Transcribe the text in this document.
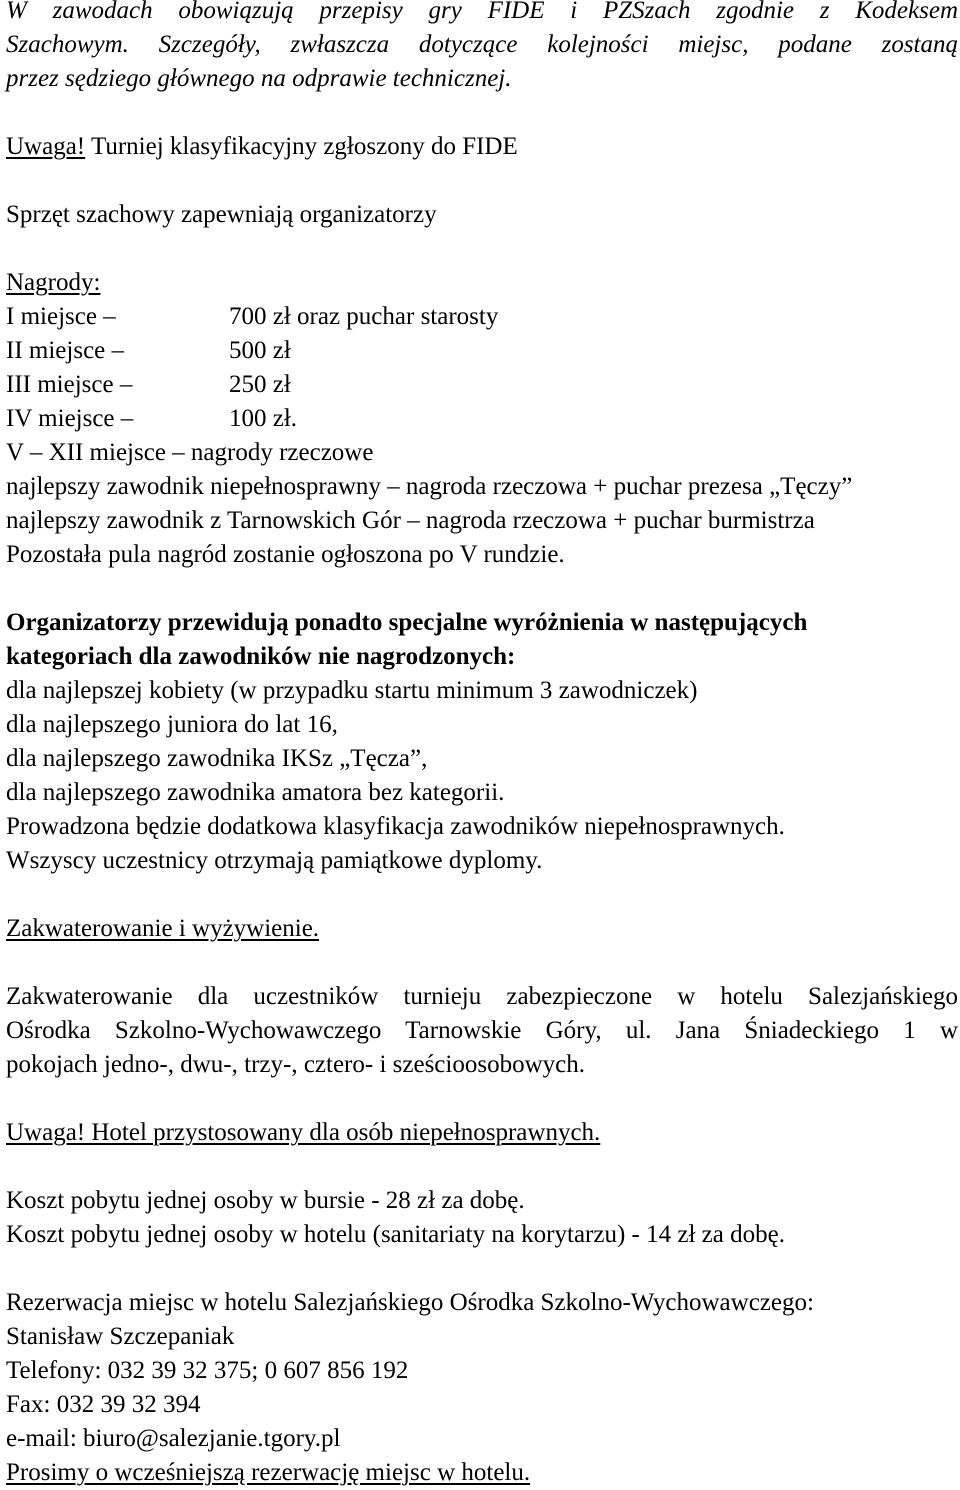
W zawodach obowiązują przepisy gry FIDE i PZSzach zgodnie z Kodeksem
Szachowym. Szczegóły, zwłaszcza dotyczące kolejności miejsc, podane zostaną
przez sędziego głównego na odprawie technicznej.
Uwaga! Turniej klasyfikacyjny zgłoszony do FIDE
Sprzęt szachowy zapewniają organizatorzy
Nagrody:
I miejsce –	700 zł oraz puchar starosty
II miejsce –	500 zł
III miejsce –	250 zł
IV miejsce –	100 zł.
V – XII miejsce – nagrody rzeczowe
najlepszy zawodnik niepełnosprawny – nagroda rzeczowa + puchar prezesa „Tęczy”
najlepszy zawodnik z Tarnowskich Gór – nagroda rzeczowa + puchar burmistrza
Pozostała pula nagród zostanie ogłoszona po V rundzie.
Organizatorzy przewidują ponadto specjalne wyróżnienia w następujących
kategoriach dla zawodników nie nagrodzonych:
dla najlepszej kobiety (w przypadku startu minimum 3 zawodniczek)
dla najlepszego juniora do lat 16,
dla najlepszego zawodnika IKSz „Tęcza”,
dla najlepszego zawodnika amatora bez kategorii.
Prowadzona będzie dodatkowa klasyfikacja zawodników niepełnosprawnych.
Wszyscy uczestnicy otrzymają pamiątkowe dyplomy.
Zakwaterowanie i wyżywienie.
Zakwaterowanie dla uczestników turnieju zabezpieczone w hotelu Salezjańskiego
Ośrodka Szkolno-Wychowawczego Tarnowskie Góry, ul. Jana Śniadeckiego 1 w
pokojach jedno-, dwu-, trzy-, cztero- i sześcioosobowych.
Uwaga! Hotel przystosowany dla osób niepełnosprawnych.
Koszt pobytu jednej osoby w bursie - 28 zł za dobę.
Koszt pobytu jednej osoby w hotelu (sanitariaty na korytarzu) - 14 zł za dobę.
Rezerwacja miejsc w hotelu Salezjańskiego Ośrodka Szkolno-Wychowawczego:
Stanisław Szczepaniak
Telefony: 032 39 32 375; 0 607 856 192
Fax: 032 39 32 394
e-mail: biuro@salezjanie.tgory.pl
Prosimy o wcześniejszą rezerwację miejsc w hotelu.
